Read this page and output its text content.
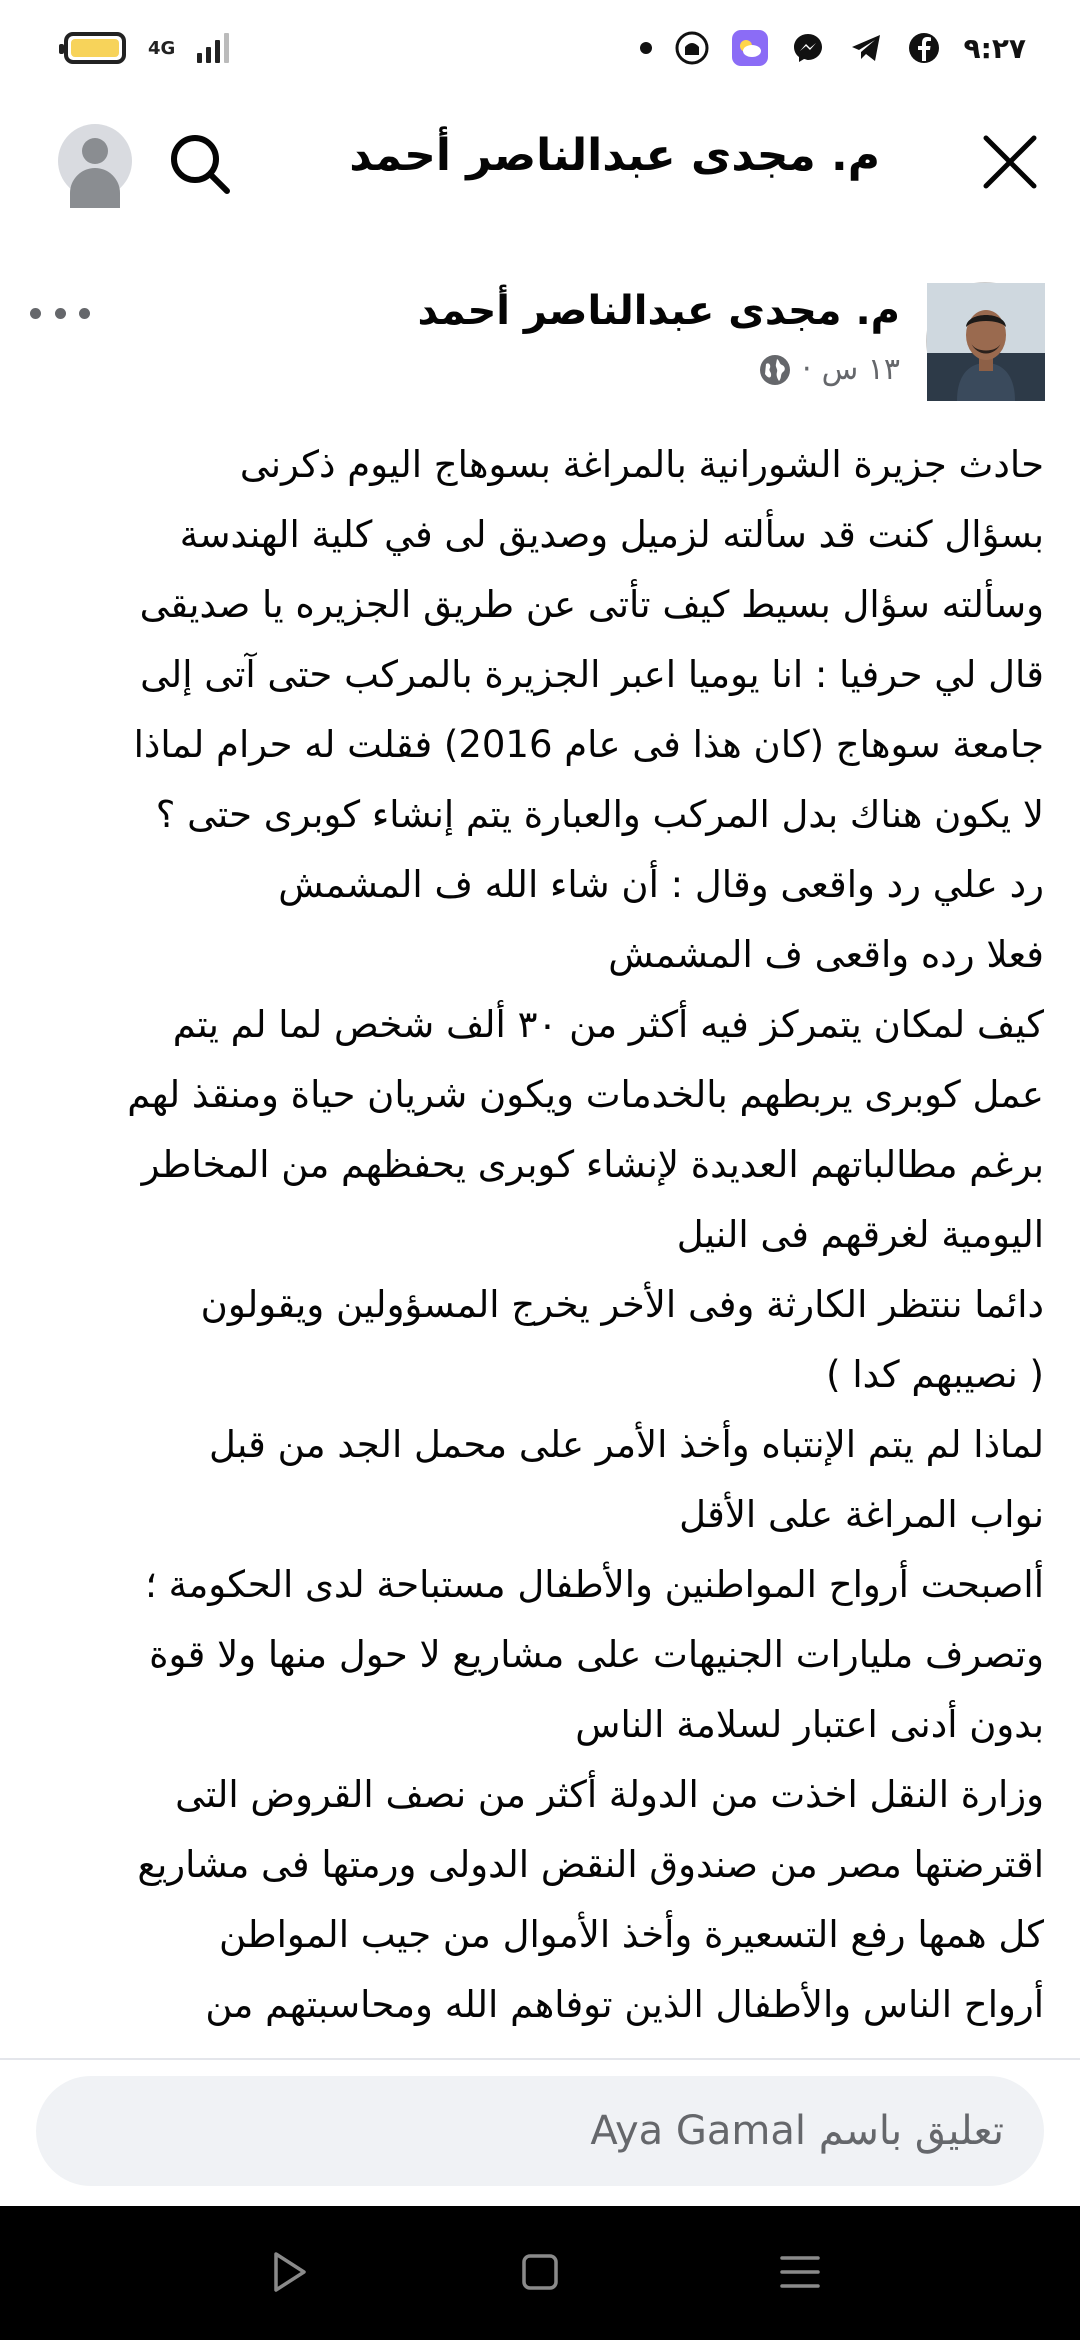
4G	٩:٢٧
م. مجدى عبدالناصر أحمد
م. مجدى عبدالناصر أحمد
١٣ س
·
حادث جزيرة الشورانية بالمراغة بسوهاج اليوم ذكرنى
بسؤال كنت قد سألته لزميل وصديق لى في كلية الهندسة
وسألته سؤال بسيط كيف تأتى عن طريق الجزيره يا صديقى
قال لي حرفيا : انا يوميا اعبر الجزيرة بالمركب حتى آتى إلى
جامعة سوهاج (كان هذا فى عام 2016) فقلت له حرام لماذا
لا يكون هناك بدل المركب والعبارة يتم إنشاء كوبرى حتى ؟
رد علي رد واقعى وقال : أن شاء الله ف المشمش
فعلا رده واقعى ف المشمش
كيف لمكان يتمركز فيه أكثر من ٣٠ ألف شخص لما لم يتم
عمل كوبرى يربطهم بالخدمات ويكون شريان حياة ومنقذ لهم
برغم مطالباتهم العديدة لإنشاء كوبرى يحفظهم من المخاطر
اليومية لغرقهم فى النيل
دائما ننتظر الكارثة وفى الأخر يخرج المسؤولين ويقولون
( نصيبهم كدا )
لماذا لم يتم الإنتباه وأخذ الأمر على محمل الجد من قبل
نواب المراغة على الأقل
أاصبحت أرواح المواطنين والأطفال مستباحة لدى الحكومة ؛
وتصرف مليارات الجنيهات على مشاريع لا حول منها ولا قوة
بدون أدنى اعتبار لسلامة الناس
وزارة النقل اخذت من الدولة أكثر من نصف القروض التى
اقترضتها مصر من صندوق النقض الدولى ورمتها فى مشاريع
كل همها رفع التسعيرة وأخذ الأموال من جيب المواطن
أرواح الناس والأطفال الذين توفاهم الله ومحاسبتهم من
تعليق باسم Aya Gamal
